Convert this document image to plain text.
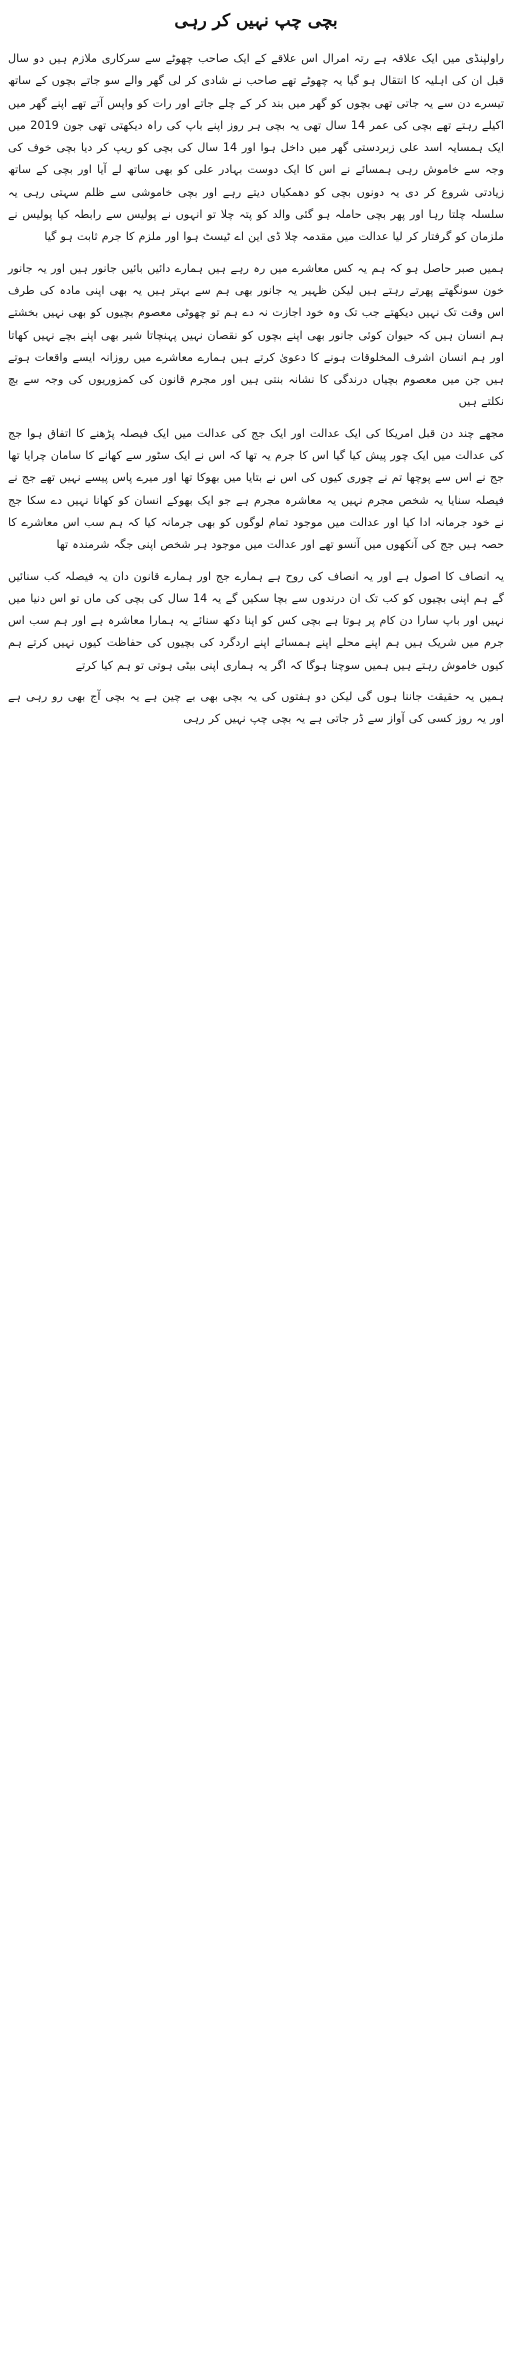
بچی چپ نہیں کر رہی

راولپنڈی میں ایک علاقہ ہے رتہ امرال اس علاقے کے ایک صاحب چھوٹے سے سرکاری ملازم ہیں دو سال قبل ان کی اہلیہ کا انتقال ہو گیا یہ چھوٹے تھے صاحب نے شادی کر لی گھر والے سو جاتے بچوں کے ساتھ تیسرے دن سے یہ جاتی تھی بچوں کو گھر میں بند کر کے چلے جاتے اور رات کو واپس آتے تھے اپنے گھر میں اکیلے رہتے تھے بچی کی عمر 14 سال تھی یہ بچی ہر روز اپنے باپ کی راہ دیکھتی تھی جون 2019 میں ایک ہمسایہ اسد علی زبردستی گھر میں داخل ہوا اور 14 سال کی بچی کو ریپ کر دیا بچی خوف کی وجہ سے خاموش رہی ہمسائے نے اس کا ایک دوست بہادر علی کو بھی ساتھ لے آیا اور بچی کے ساتھ زیادتی شروع کر دی یہ دونوں بچی کو دھمکیاں دیتے رہے اور بچی خاموشی سے ظلم سہتی رہی یہ سلسلہ چلتا رہا اور پھر بچی حاملہ ہو گئی والد کو پتہ چلا تو انہوں نے پولیس سے رابطہ کیا پولیس نے ملزمان کو گرفتار کر لیا عدالت میں مقدمہ چلا ڈی این اے ٹیسٹ ہوا اور ملزم کا جرم ثابت ہو گیا

ہمیں صبر حاصل ہو کہ ہم یہ کس معاشرے میں رہ رہے ہیں ہمارے دائیں بائیں جانور ہیں اور یہ جانور خون سونگھتے پھرتے رہتے ہیں لیکن ظہیر یہ جانور بھی ہم سے بہتر ہیں یہ بھی اپنی مادہ کی طرف اس وقت تک نہیں دیکھتے جب تک وہ خود اجازت نہ دے ہم تو چھوٹی معصوم بچیوں کو بھی نہیں بخشتے ہم انسان ہیں کہ حیوان کوئی جانور بھی اپنے بچوں کو نقصان نہیں پہنچاتا شیر بھی اپنے بچے نہیں کھاتا اور ہم انسان اشرف المخلوقات ہونے کا دعویٰ کرتے ہیں ہمارے معاشرے میں روزانہ ایسے واقعات ہوتے ہیں جن میں معصوم بچیاں درندگی کا نشانہ بنتی ہیں اور مجرم قانون کی کمزوریوں کی وجہ سے بچ نکلتے ہیں

مجھے چند دن قبل امریکا کی ایک عدالت اور ایک جج کی عدالت میں ایک فیصلہ پڑھنے کا اتفاق ہوا جج کی عدالت میں ایک چور پیش کیا گیا اس کا جرم یہ تھا کہ اس نے ایک سٹور سے کھانے کا سامان چرایا تھا جج نے اس سے پوچھا تم نے چوری کیوں کی اس نے بتایا میں بھوکا تھا اور میرے پاس پیسے نہیں تھے جج نے فیصلہ سنایا یہ شخص مجرم نہیں یہ معاشرہ مجرم ہے جو ایک بھوکے انسان کو کھانا نہیں دے سکا جج نے خود جرمانہ ادا کیا اور عدالت میں موجود تمام لوگوں کو بھی جرمانہ کیا کہ ہم سب اس معاشرے کا حصہ ہیں جج کی آنکھوں میں آنسو تھے اور عدالت میں موجود ہر شخص اپنی جگہ شرمندہ تھا

یہ انصاف کا اصول ہے اور یہ انصاف کی روح ہے ہمارے جج اور ہمارے قانون دان یہ فیصلہ کب سنائیں گے ہم اپنی بچیوں کو کب تک ان درندوں سے بچا سکیں گے یہ 14 سال کی بچی کی ماں تو اس دنیا میں نہیں اور باپ سارا دن کام پر ہوتا ہے بچی کس کو اپنا دکھ سنائے یہ ہمارا معاشرہ ہے اور ہم سب اس جرم میں شریک ہیں ہم اپنے محلے اپنے ہمسائے اپنے اردگرد کی بچیوں کی حفاظت کیوں نہیں کرتے ہم کیوں خاموش رہتے ہیں ہمیں سوچنا ہوگا کہ اگر یہ ہماری اپنی بیٹی ہوتی تو ہم کیا کرتے

ہمیں یہ حقیقت جاننا ہوں گی لیکن دو ہفتوں کی یہ بچی بھی بے چین ہے یہ بچی آج بھی رو رہی ہے اور یہ روز کسی کی آواز سے ڈر جاتی ہے یہ بچی چپ نہیں کر رہی
